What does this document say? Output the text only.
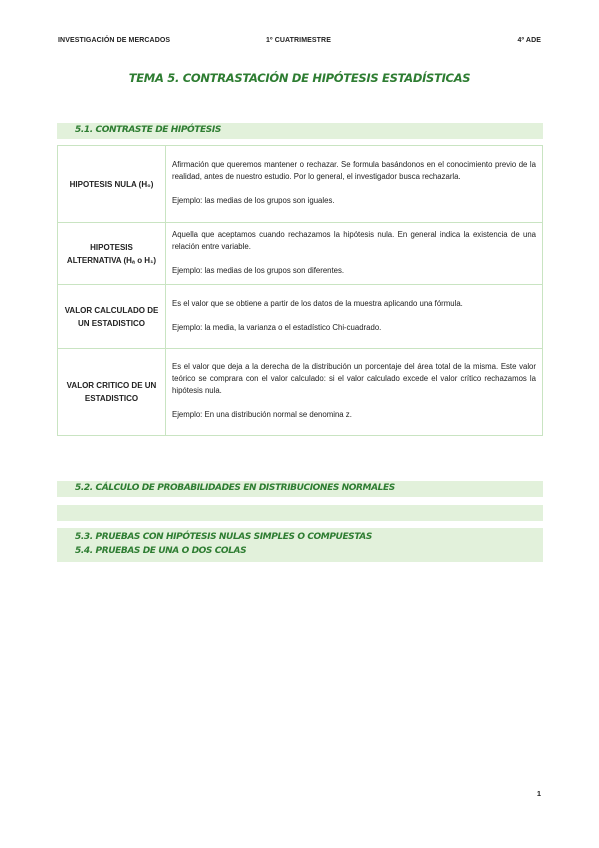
INVESTIGACIÓN DE MERCADOS	1º CUATRIMESTRE	4º ADE
TEMA 5. CONTRASTACIÓN DE HIPÓTESIS ESTADÍSTICAS
5.1. CONTRASTE DE HIPÓTESIS
HIPOTESIS NULA (H₀)	Afirmación que queremos mantener o rechazar. Se formula basándonos en el conocimiento previo de la realidad, antes de nuestro estudio. Por lo general, el investigador busca rechazarla.

Ejemplo: las medias de los grupos son iguales.

HIPOTESIS ALTERNATIVA (Hₐ o H₁)	Aquella que aceptamos cuando rechazamos la hipótesis nula. En general indica la existencia de una relación entre variable.

Ejemplo: las medias de los grupos son diferentes.

VALOR CALCULADO DE UN ESTADISTICO	Es el valor que se obtiene a partir de los datos de la muestra aplicando una fórmula.

Ejemplo: la media, la varianza o el estadístico Chi-cuadrado.

VALOR CRITICO DE UN ESTADISTICO	Es el valor que deja a la derecha de la distribución un porcentaje del área total de la misma. Este valor teórico se comprara con el valor calculado: si el valor calculado excede el valor crítico rechazamos la hipótesis nula.

Ejemplo: En una distribución normal se denomina z.

5.2. CÁLCULO DE PROBABILIDADES EN DISTRIBUCIONES NORMALES
5.3. PRUEBAS CON HIPÓTESIS NULAS SIMPLES O COMPUESTAS
5.4. PRUEBAS DE UNA O DOS COLAS
1
